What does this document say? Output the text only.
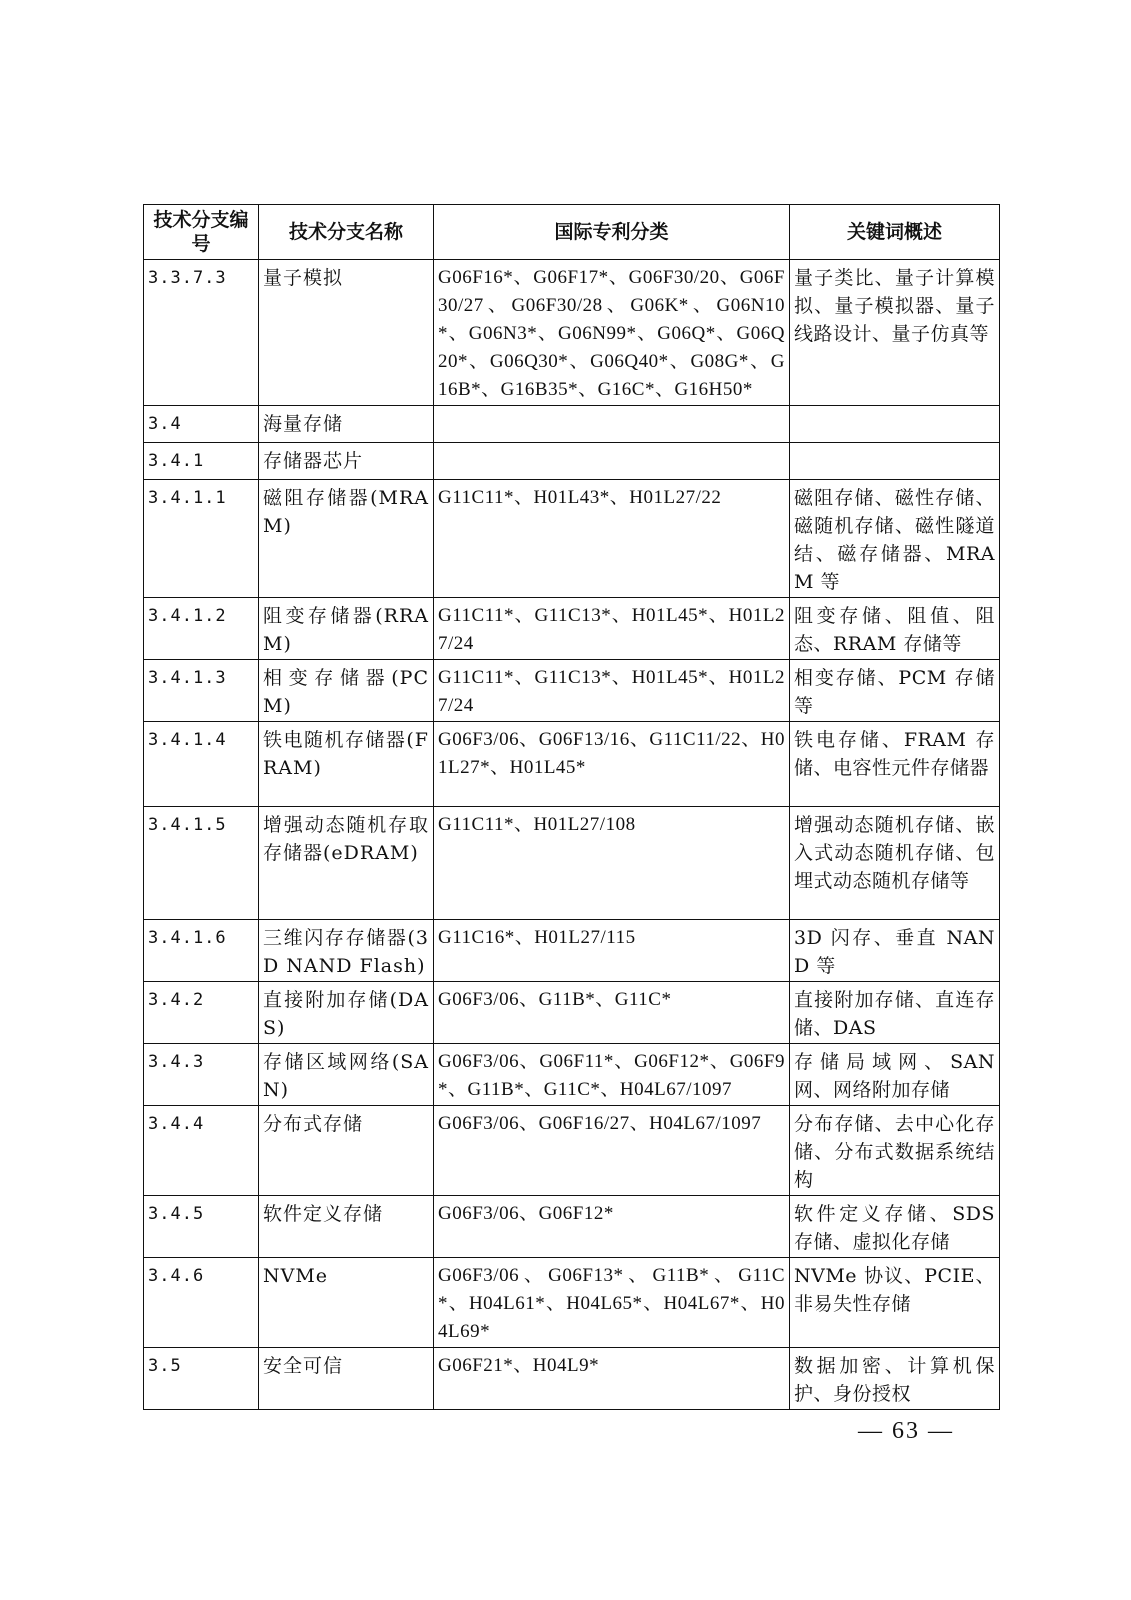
技术分支编号	技术分支名称	国际专利分类	关键词概述
3.3.7.3	量子模拟	G06F16*、G06F17*、G06F30/20、G06F30/27、G06F30/28、G06K*、G06N10*、G06N3*、G06N99*、G06Q*、G06Q20*、G06Q30*、G06Q40*、G08G*、G16B*、G16B35*、G16C*、G16H50*	量子类比、量子计算模拟、量子模拟器、量子线路设计、量子仿真等
3.4	海量存储		
3.4.1	存储器芯片		
3.4.1.1	磁阻存储器(MRAM)	G11C11*、H01L43*、H01L27/22	磁阻存储、磁性存储、磁随机存储、磁性隧道结、磁存储器、MRAM 等
3.4.1.2	阻变存储器(RRAM)	G11C11*、G11C13*、H01L45*、H01L27/24	阻变存储、阻值、阻态、RRAM 存储等
3.4.1.3	相变存储器(PCM)	G11C11*、G11C13*、H01L45*、H01L27/24	相变存储、PCM 存储等
3.4.1.4	铁电随机存储器(FRAM)	G06F3/06、G06F13/16、G11C11/22、H01L27*、H01L45*	铁电存储、FRAM 存储、电容性元件存储器
3.4.1.5	增强动态随机存取存储器(eDRAM)	G11C11*、H01L27/108	增强动态随机存储、嵌入式动态随机存储、包埋式动态随机存储等
3.4.1.6	三维闪存存储器(3D NAND Flash)	G11C16*、H01L27/115	3D 闪存、垂直 NAND 等
3.4.2	直接附加存储(DAS)	G06F3/06、G11B*、G11C*	直接附加存储、直连存储、DAS
3.4.3	存储区域网络(SAN)	G06F3/06、G06F11*、G06F12*、G06F9*、G11B*、G11C*、H04L67/1097	存储局域网、SAN 网、网络附加存储
3.4.4	分布式存储	G06F3/06、G06F16/27、H04L67/1097	分布存储、去中心化存储、分布式数据系统结构
3.4.5	软件定义存储	G06F3/06、G06F12*	软件定义存储、SDS 存储、虚拟化存储
3.4.6	NVMe	G06F3/06、G06F13*、G11B*、G11C*、H04L61*、H04L65*、H04L67*、H04L69*	NVMe 协议、PCIE、非易失性存储
3.5	安全可信	G06F21*、H04L9*	数据加密、计算机保护、身份授权
— 63 —
